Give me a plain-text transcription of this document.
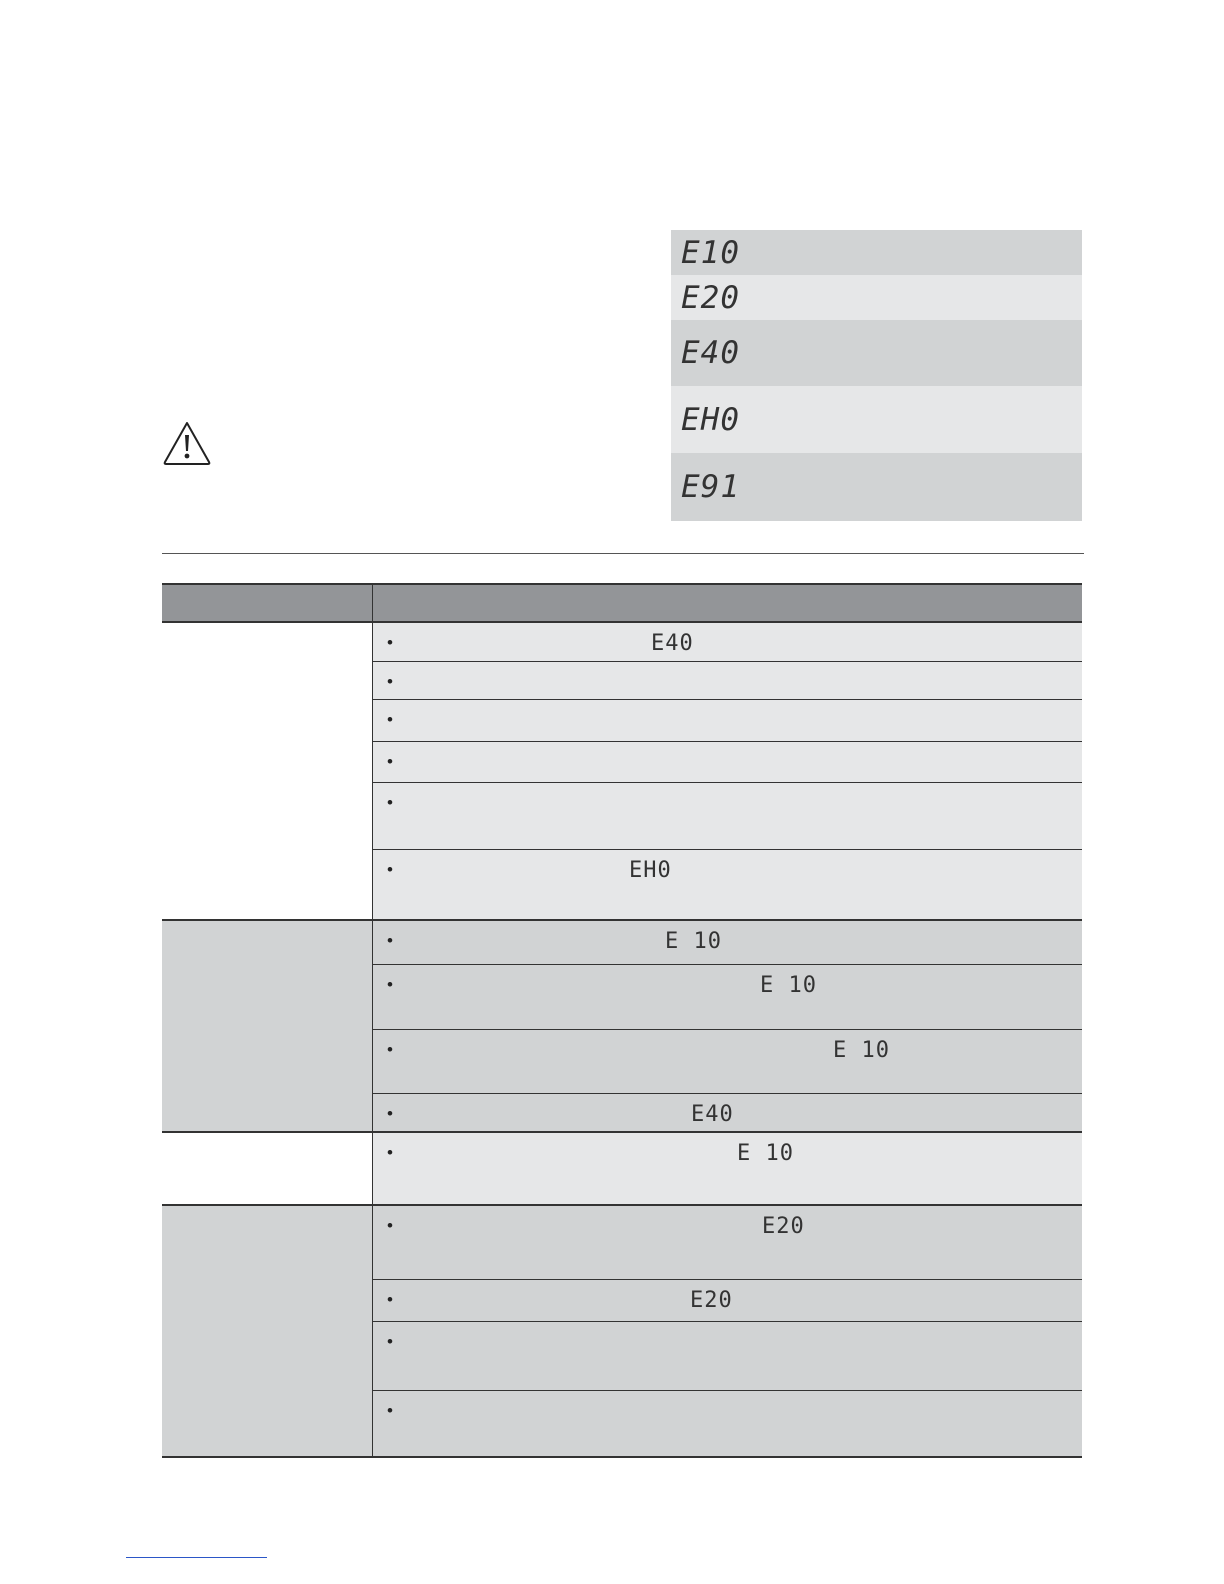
E10
E20
E40
EH0
E91
•	E40
•
•
•
•
•	EH0
•	E 10
•	E 10
•	E 10
•	E40
•	E 10
•	E20
•	E20
•
•
